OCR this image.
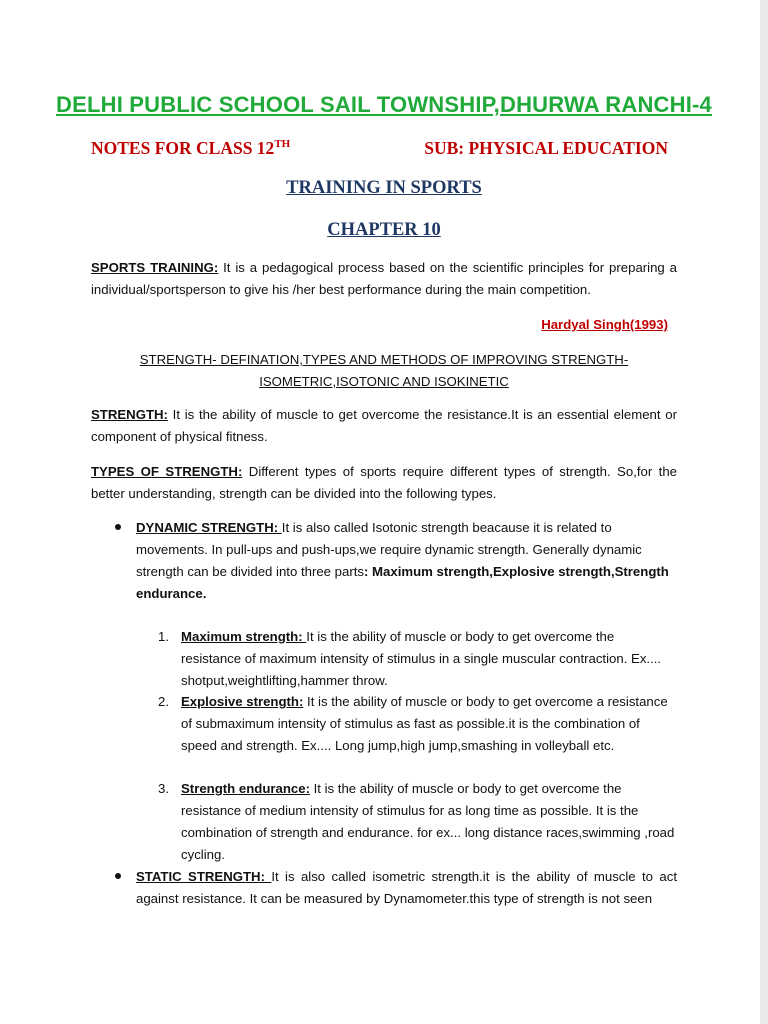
DELHI PUBLIC SCHOOL SAIL TOWNSHIP,DHURWA RANCHI-4
NOTES FOR CLASS 12TH	SUB: PHYSICAL EDUCATION
TRAINING IN SPORTS
CHAPTER 10
SPORTS TRAINING: It is a pedagogical process based on the scientific principles for preparing a individual/sportsperson to give his /her best performance during the main competition.
Hardyal Singh(1993)
STRENGTH- DEFINATION,TYPES AND METHODS OF IMPROVING STRENGTH-
ISOMETRIC,ISOTONIC AND ISOKINETIC
STRENGTH: It is the ability of muscle to get overcome the resistance.It is an essential element or component of physical fitness.
TYPES OF STRENGTH: Different types of sports require different types of strength. So,for the better understanding, strength can be divided into the following types.
DYNAMIC STRENGTH: It is also called Isotonic strength beacause it is related to movements. In pull-ups and push-ups,we require dynamic strength. Generally dynamic strength can be divided into three parts: Maximum strength,Explosive strength,Strength endurance.
1. Maximum strength: It is the ability of muscle or body to get overcome the resistance of maximum intensity of stimulus in a single muscular contraction. Ex.... shotput,weightlifting,hammer throw.
2. Explosive strength: It is the ability of muscle or body to get overcome a resistance of submaximum intensity of stimulus as fast as possible.it is the combination of speed and strength. Ex.... Long jump,high jump,smashing in volleyball etc.
3. Strength endurance: It is the ability of muscle or body to get overcome the resistance of medium intensity of stimulus for as long time as possible. It is the combination of strength and endurance. for ex... long distance races,swimming ,road cycling.
STATIC STRENGTH: It is also called isometric strength.it is the ability of muscle to act against resistance. It can be measured by Dynamometer.this type of strength is not seen
